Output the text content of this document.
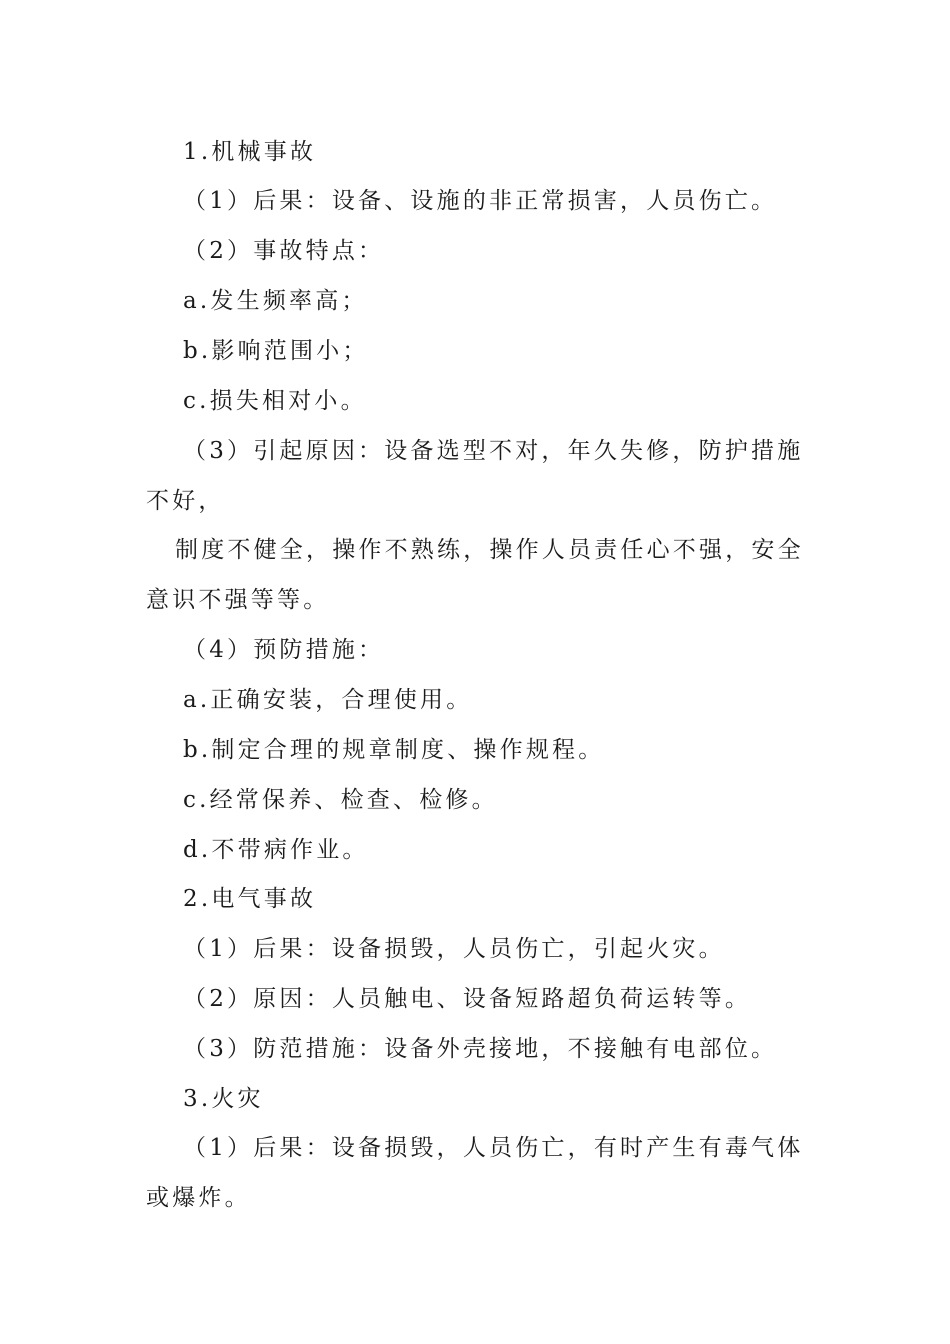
1.机械事故
（1）后果：设备、设施的非正常损害，人员伤亡。
（2）事故特点：
a.发生频率高；
b.影响范围小；
c.损失相对小。
（3）引起原因：设备选型不对，年久失修，防护措施
不好，
制度不健全，操作不熟练，操作人员责任心不强，安全
意识不强等等。
（4）预防措施：
a.正确安装，合理使用。
b.制定合理的规章制度、操作规程。
c.经常保养、检查、检修。
d.不带病作业。
2.电气事故
（1）后果：设备损毁，人员伤亡，引起火灾。
（2）原因：人员触电、设备短路超负荷运转等。
（3）防范措施：设备外壳接地，不接触有电部位。
3.火灾
（1）后果：设备损毁，人员伤亡，有时产生有毒气体
或爆炸。
